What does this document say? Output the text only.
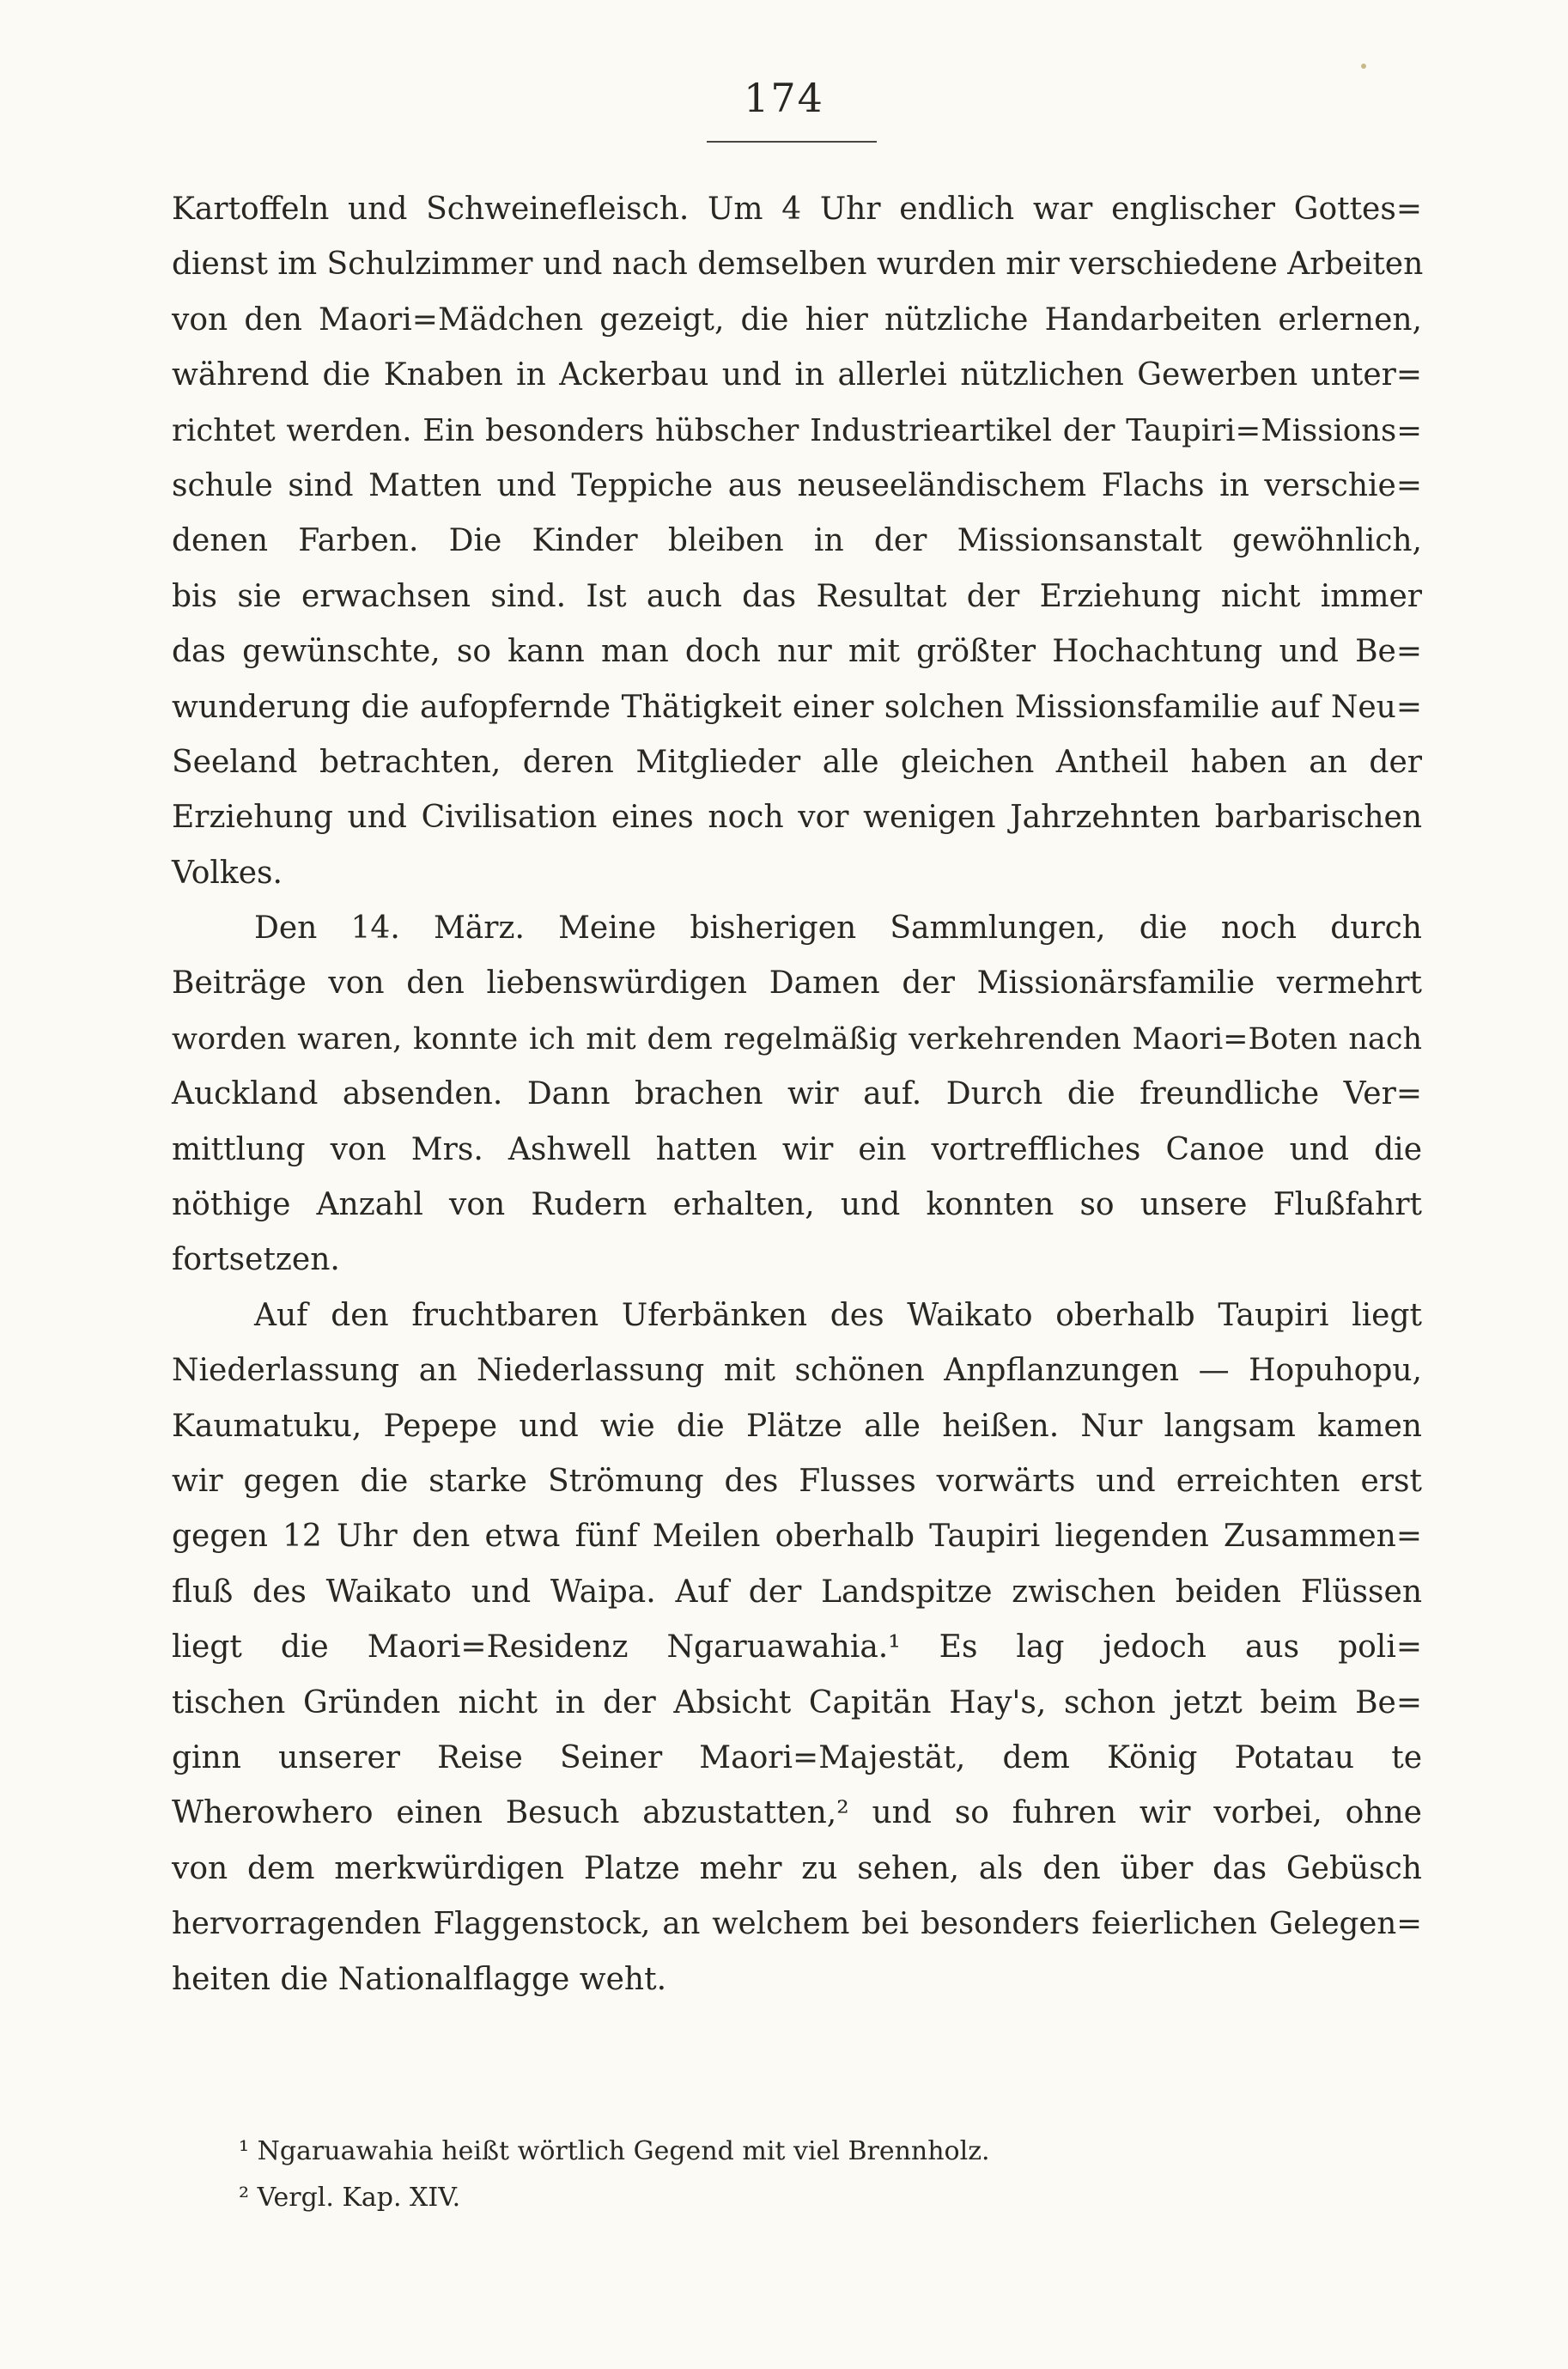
174
Kartoffeln und Schweinefleisch. Um 4 Uhr endlich war englischer Gottes=
dienst im Schulzimmer und nach demselben wurden mir verschiedene Arbeiten
von den Maori=Mädchen gezeigt, die hier nützliche Handarbeiten erlernen,
während die Knaben in Ackerbau und in allerlei nützlichen Gewerben unter=
richtet werden. Ein besonders hübscher Industrieartikel der Taupiri=Missions=
schule sind Matten und Teppiche aus neuseeländischem Flachs in verschie=
denen Farben. Die Kinder bleiben in der Missionsanstalt gewöhnlich,
bis sie erwachsen sind. Ist auch das Resultat der Erziehung nicht immer
das gewünschte, so kann man doch nur mit größter Hochachtung und Be=
wunderung die aufopfernde Thätigkeit einer solchen Missionsfamilie auf Neu=
Seeland betrachten, deren Mitglieder alle gleichen Antheil haben an der
Erziehung und Civilisation eines noch vor wenigen Jahrzehnten barbarischen
Volkes.
Den 14. März. Meine bisherigen Sammlungen, die noch durch
Beiträge von den liebenswürdigen Damen der Missionärsfamilie vermehrt
worden waren, konnte ich mit dem regelmäßig verkehrenden Maori=Boten nach
Auckland absenden. Dann brachen wir auf. Durch die freundliche Ver=
mittlung von Mrs. Ashwell hatten wir ein vortreffliches Canoe und die
nöthige Anzahl von Rudern erhalten, und konnten so unsere Flußfahrt
fortsetzen.
Auf den fruchtbaren Uferbänken des Waikato oberhalb Taupiri liegt
Niederlassung an Niederlassung mit schönen Anpflanzungen — Hopuhopu,
Kaumatuku, Pepepe und wie die Plätze alle heißen. Nur langsam kamen
wir gegen die starke Strömung des Flusses vorwärts und erreichten erst
gegen 12 Uhr den etwa fünf Meilen oberhalb Taupiri liegenden Zusammen=
fluß des Waikato und Waipa. Auf der Landspitze zwischen beiden Flüssen
liegt die Maori=Residenz Ngaruawahia.¹ Es lag jedoch aus poli=
tischen Gründen nicht in der Absicht Capitän Hay's, schon jetzt beim Be=
ginn unserer Reise Seiner Maori=Majestät, dem König Potatau te
Wherowhero einen Besuch abzustatten,² und so fuhren wir vorbei, ohne
von dem merkwürdigen Platze mehr zu sehen, als den über das Gebüsch
hervorragenden Flaggenstock, an welchem bei besonders feierlichen Gelegen=
heiten die Nationalflagge weht.
¹ Ngaruawahia heißt wörtlich Gegend mit viel Brennholz.
² Vergl. Kap. XIV.
